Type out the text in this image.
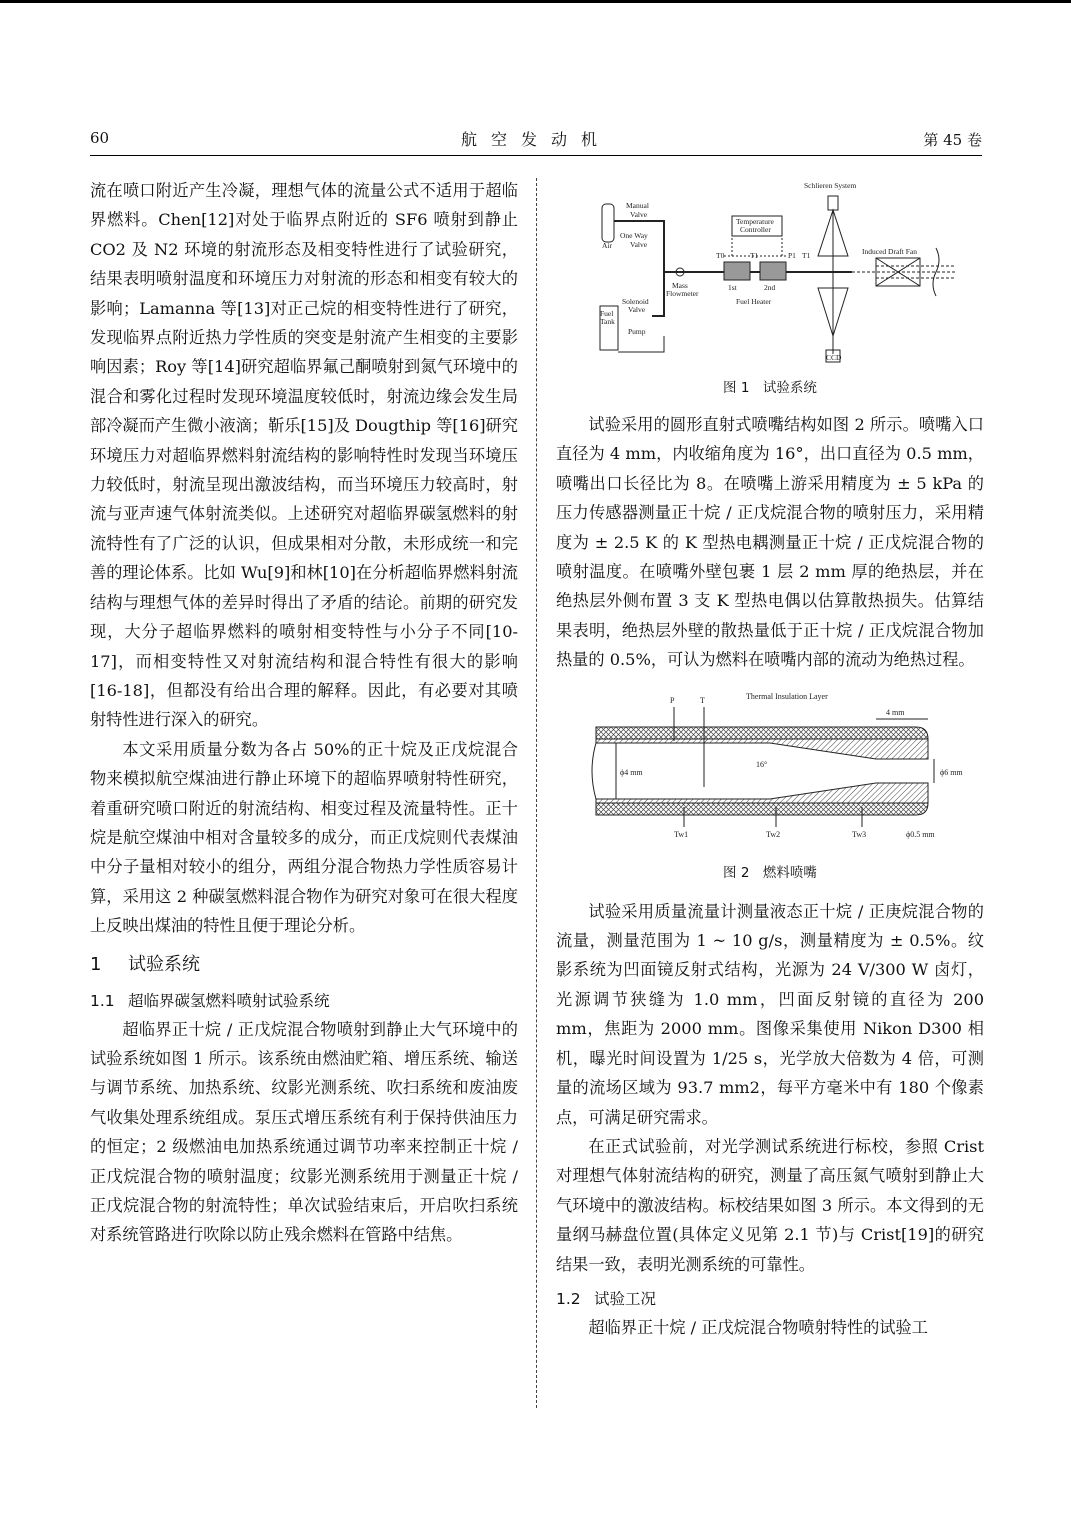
60	航空发动机	第 45 卷

流在喷口附近产生冷凝，理想气体的流量公式不适用于超临界燃料。Chen[12]对处于临界点附近的 SF6 喷射到静止 CO2 及 N2 环境的射流形态及相变特性进行了试验研究，结果表明喷射温度和环境压力对射流的形态和相变有较大的影响；Lamanna 等[13]对正己烷的相变特性进行了研究，发现临界点附近热力学性质的突变是射流产生相变的主要影响因素；Roy 等[14]研究超临界氟己酮喷射到氮气环境中的混合和雾化过程时发现环境温度较低时，射流边缘会发生局部冷凝而产生微小液滴；靳乐[15]及 Dougthip 等[16]研究环境压力对超临界燃料射流结构的影响特性时发现当环境压力较低时，射流呈现出激波结构，而当环境压力较高时，射流与亚声速气体射流类似。上述研究对超临界碳氢燃料的射流特性有了广泛的认识，但成果相对分散，未形成统一和完善的理论体系。比如 Wu[9]和林[10]在分析超临界燃料射流结构与理想气体的差异时得出了矛盾的结论。前期的研究发现，大分子超临界燃料的喷射相变特性与小分子不同[10-17]，而相变特性又对射流结构和混合特性有很大的影响[16-18]，但都没有给出合理的解释。因此，有必要对其喷射特性进行深入的研究。

本文采用质量分数为各占 50%的正十烷及正戊烷混合物来模拟航空煤油进行静止环境下的超临界喷射特性研究，着重研究喷口附近的射流结构、相变过程及流量特性。正十烷是航空煤油中相对含量较多的成分，而正戊烷则代表煤油中分子量相对较小的组分，两组分混合物热力学性质容易计算，采用这 2 种碳氢燃料混合物作为研究对象可在很大程度上反映出煤油的特性且便于理论分析。

1 试验系统
1.1 超临界碳氢燃料喷射试验系统

超临界正十烷 / 正戊烷混合物喷射到静止大气环境中的试验系统如图 1 所示。该系统由燃油贮箱、增压系统、输送与调节系统、加热系统、纹影光测系统、吹扫系统和废油废气收集处理系统组成。泵压式增压系统有利于保持供油压力的恒定；2 级燃油电加热系统通过调节功率来控制正十烷 / 正戊烷混合物的喷射温度；纹影光测系统用于测量正十烷 / 正戊烷混合物的射流特性；单次试验结束后，开启吹扫系统对系统管路进行吹除以防止残余燃料在管路中结焦。

Schlieren System
Manual
Valve
Air
One Way
Valve
Temperature
Controller
T0	T1	P1 T1	Induced Draft Fan
1st	2nd
Fuel Heater
Mass
Flowmeter
Solenoid
Valve
Fuel
Tank
Pump
CCD

图 1　试验系统

试验采用的圆形直射式喷嘴结构如图 2 所示。喷嘴入口直径为 4 mm，内收缩角度为 16°，出口直径为 0.5 mm，喷嘴出口长径比为 8。在喷嘴上游采用精度为 ± 5 kPa 的压力传感器测量正十烷 / 正戊烷混合物的喷射压力，采用精度为 ± 2.5 K 的 K 型热电耦测量正十烷 / 正戊烷混合物的喷射温度。在喷嘴外壁包裹 1 层 2 mm 厚的绝热层，并在绝热层外侧布置 3 支 K 型热电偶以估算散热损失。估算结果表明，绝热层外壁的散热量低于正十烷 / 正戊烷混合物加热量的 0.5%，可认为燃料在喷嘴内部的流动为绝热过程。

P	T	Thermal Insulation Layer
4 mm
ϕ4 mm
16°
ϕ6 mm
Tw1	Tw2	Tw3	ϕ0.5 mm

图 2　燃料喷嘴

试验采用质量流量计测量液态正十烷 / 正庚烷混合物的流量，测量范围为 1 ~ 10 g/s，测量精度为 ± 0.5%。纹影系统为凹面镜反射式结构，光源为 24 V/300 W 卤灯，光源调节狭缝为 1.0 mm，凹面反射镜的直径为 200 mm，焦距为 2000 mm。图像采集使用 Nikon D300 相机，曝光时间设置为 1/25 s，光学放大倍数为 4 倍，可测量的流场区域为 93.7 mm2，每平方毫米中有 180 个像素点，可满足研究需求。

在正式试验前，对光学测试系统进行标校，参照 Crist 对理想气体射流结构的研究，测量了高压氮气喷射到静止大气环境中的激波结构。标校结果如图 3 所示。本文得到的无量纲马赫盘位置(具体定义见第 2.1 节)与 Crist[19]的研究结果一致，表明光测系统的可靠性。

1.2 试验工况

超临界正十烷 / 正戊烷混合物喷射特性的试验工
